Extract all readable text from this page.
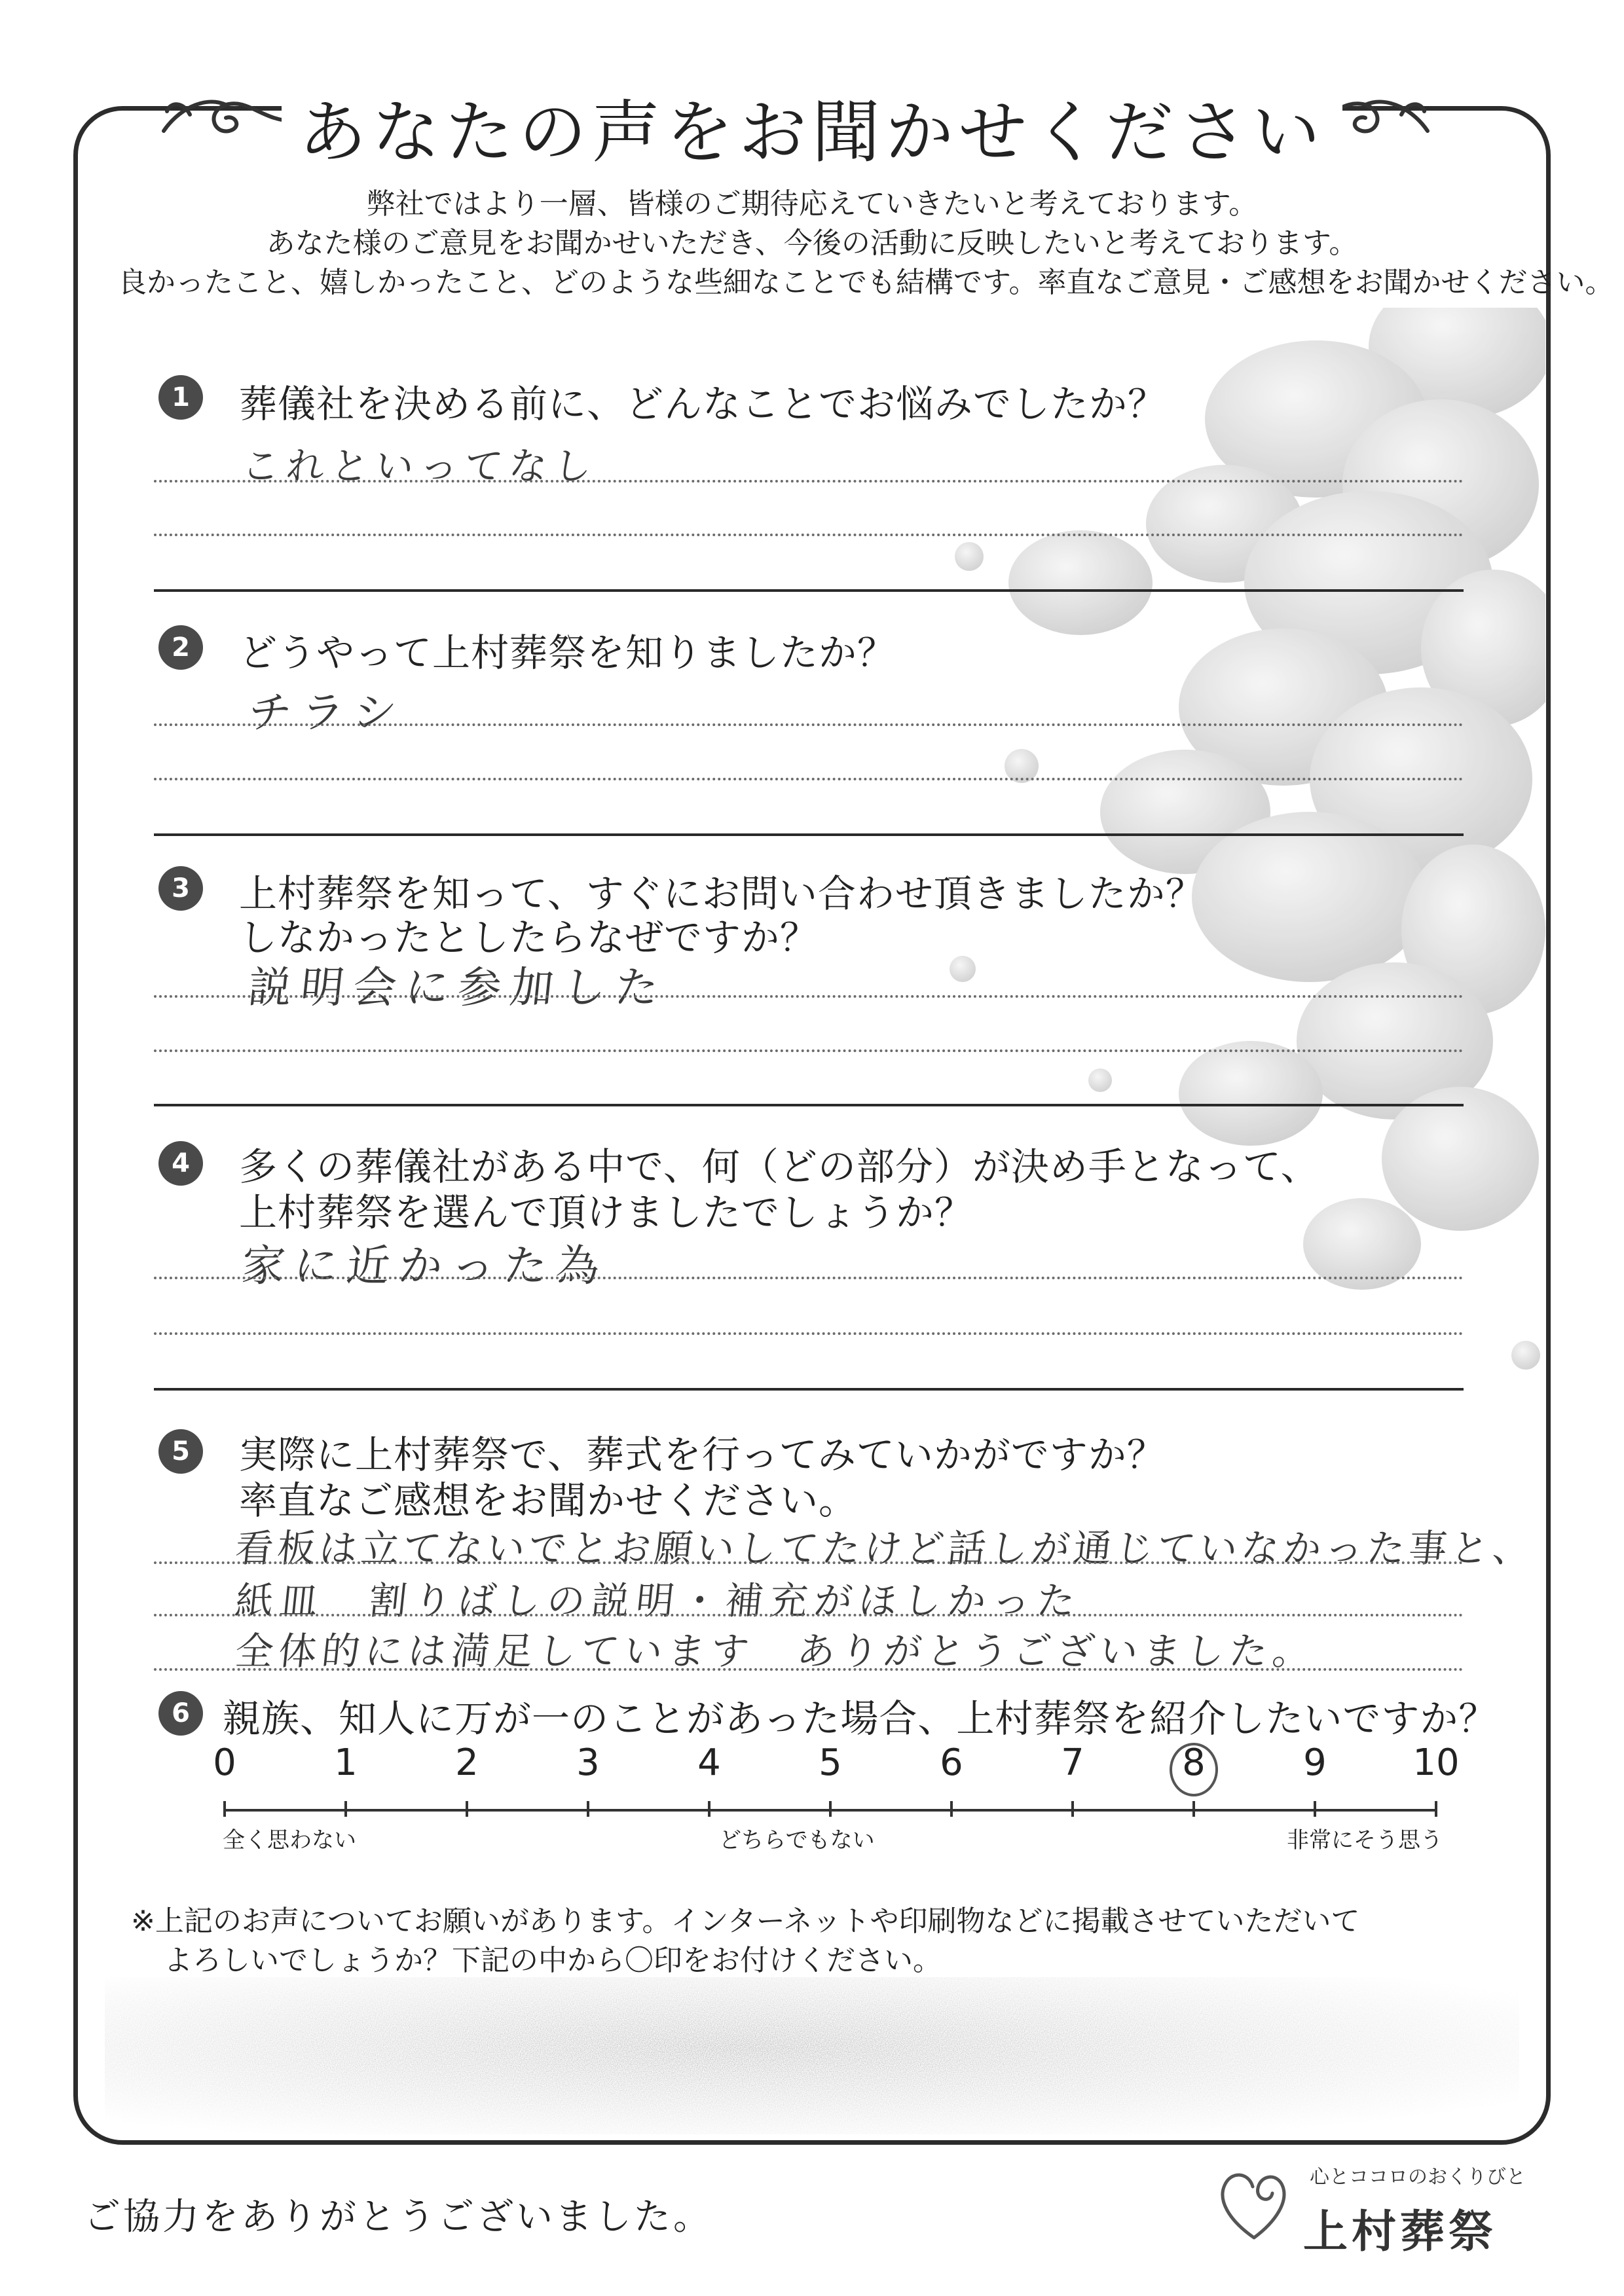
あなたの声をお聞かせください
弊社ではより一層、皆様のご期待応えていきたいと考えております。
あなた様のご意見をお聞かせいただき、今後の活動に反映したいと考えております。
良かったこと、嬉しかったこと、どのような些細なことでも結構です。率直なご意見・ご感想をお聞かせください。
1	葬儀社を決める前に、どんなことでお悩みでしたか？
これといってなし
2	どうやって上村葬祭を知りましたか？
チラシ
3	上村葬祭を知って、すぐにお問い合わせ頂きましたか？
しなかったとしたらなぜですか？
説明会に参加した
4	多くの葬儀社がある中で、何（どの部分）が決め手となって、
上村葬祭を選んで頂けましたでしょうか？
家に近かった為
5	実際に上村葬祭で、葬式を行ってみていかがですか？
率直なご感想をお聞かせください。
看板は立てないでとお願いしてたけど話しが通じていなかった事と、
紙皿　割りばしの説明・補充がほしかった
全体的には満足しています　ありがとうございました。
6 親族、知人に万が一のことがあった場合、上村葬祭を紹介したいですか？
0	1	2	3	4	5	6	7	8	9	10
全く思わない	どちらでもない	非常にそう思う
※上記のお声についてお願いがあります。インターネットや印刷物などに掲載させていただいて
よろしいでしょうか？下記の中から〇印をお付けください。
ご協力をありがとうございました。
心とココロのおくりびと
上村葬祭
